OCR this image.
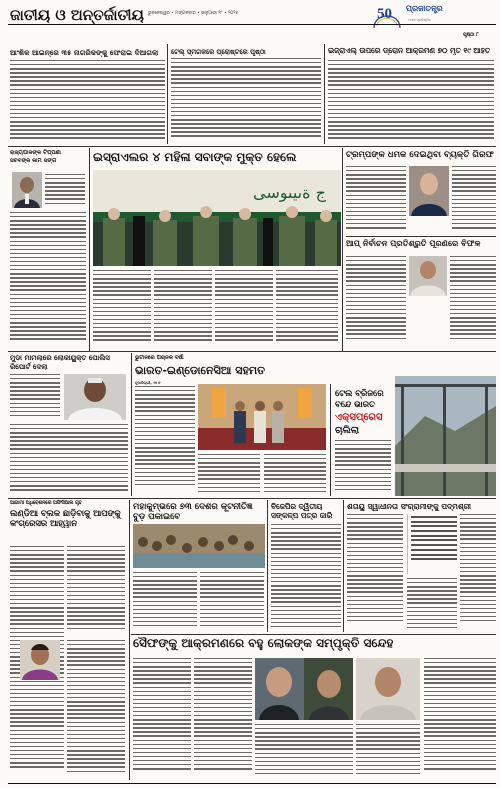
ଜାତୀୟ ଓ ଅନ୍ତର୍ଜାତୀୟ ଭୁବନେଶ୍ୱର • ମଙ୍ଗଳବାର • ଜାନୁଆରୀ ୨୮ • ୨୦୨୫	50 ପ୍ରଜାତନ୍ତ୍ର
୧୯୪୭ ପ୍ରତିଷ୍ଠିତ
ପୃଷ୍ଠା ୮
ଆଂଶିକ ଆଇନ୍‌ରେ ୩୫ ନାଗରିକଙ୍କୁ ଫେରାଇ ଦିଆଗଲା	ଟେଲ୍ ସ୍ମଗଳରେ ପ୍ରୋଷ୍ଟରେ ପୃଷ୍ଠା	ଇଜ୍ରାଏଲ୍ ଉପରେ ଡ୍ରୋନ ଆକ୍ରମଣ ୭୦ ମୃତ ୧୯ ଆହତ
ରାଜ୍ୟପାଳଙ୍କ ଟିପ୍‌ପଣୀ
ସଚିବଙ୍କ କାମ ସଙ୍ଗ	ଇସ୍ରାଏଲର ୪ ମହିଳା ସବାଙ୍କ ମୁକ୍ତ ହେଲେ
ج ةىيىوسى
ଟ୍ରମ୍ପଙ୍କ ଧମକ ଦେଇଥିବା ବ୍ୟକ୍ତି ଗିରଫ
ଆପ୍‌ ନିର୍ବାଚନ ପ୍ରତିଶ୍ରୁତି ପୂରଣରେ ବିଫଳ
ମୁଡା ମାମଲାରେ ଲୋକାୟୁକ୍ତ ପୋଲିସ ରିପୋର୍ଟ ଦେଲା
ଭୁଟାନରେ ଅଚାନକ ବର୍ଷା
ଭାରତ-ଇଣ୍ଡୋନେସିଆ ସହମତ
ନୂଆଦିଲ୍ଲୀ, ୨୭।୧
ଟେଲ ବ୍ରିଜରେ
ବନ୍ଦେ ଭାରତ
ଏକ୍ସପ୍ରେସ
ଚାଲିଲା
ଆଗାମୀ ଅଧିବେଶନରେ ଅଫିସିଆଲ ଗୃହ
ଲଣ୍ଡିଆ ବ୍ଲକ ଛାଡ଼ିବାକୁ ଆପଙ୍କୁ କଂଗ୍ରେସର ଆହ୍ୱାନ
ମହାକୁମ୍ଭରେ ୭୩ ଦେଶର କୂଟନୀତିଜ୍ଞ ବୁଡ଼ ପକାଇବେ
ବିଜେପିର ଦ୍ୱିତୀୟ ସଙ୍କଳ୍ପ ପତ୍ର ଜାରି
ଶତାୟୁ ସ୍ୱାଧୀନତା ସଂଗ୍ରାମୀଙ୍କୁ ପଦ୍ମଶ୍ରୀ
ସୈଫଙ୍କୁ ଆକ୍ରମଣରେ ବହୁ ଲୋକଙ୍କ ସମ୍ପୃକ୍ତି ସନ୍ଦେହ
